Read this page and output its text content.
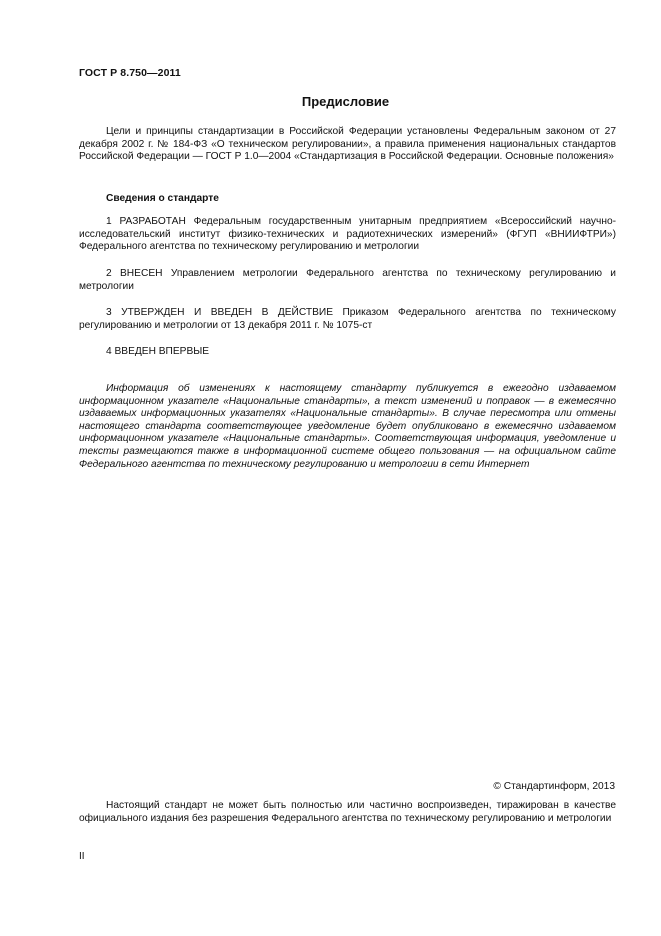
ГОСТ Р 8.750—2011
Предисловие

Цели и принципы стандартизации в Российской Федерации установлены Федеральным законом от 27 декабря 2002 г. № 184-ФЗ «О техническом регулировании», а правила применения национальных стандартов Российской Федерации — ГОСТ Р 1.0—2004 «Стандартизация в Российской Федерации. Основные положения»

Сведения о стандарте

1 РАЗРАБОТАН Федеральным государственным унитарным предприятием «Всероссийский научно-исследовательский институт физико-технических и радиотехнических измерений» (ФГУП «ВНИИФТРИ») Федерального агентства по техническому регулированию и метрологии

2 ВНЕСЕН Управлением метрологии Федерального агентства по техническому регулированию и метрологии

3 УТВЕРЖДЕН И ВВЕДЕН В ДЕЙСТВИЕ Приказом Федерального агентства по техническому регулированию и метрологии от 13 декабря 2011 г. № 1075-ст

4 ВВЕДЕН ВПЕРВЫЕ

Информация об изменениях к настоящему стандарту публикуется в ежегодно издаваемом информационном указателе «Национальные стандарты», а текст изменений и поправок — в ежемесячно издаваемых информационных указателях «Национальные стандарты». В случае пересмотра или отмены настоящего стандарта соответствующее уведомление будет опубликовано в ежемесячно издаваемом информационном указателе «Национальные стандарты». Соответствующая информация, уведомление и тексты размещаются также в информационной системе общего пользования — на официальном сайте Федерального агентства по техническому регулированию и метрологии в сети Интернет

© Стандартинформ, 2013

Настоящий стандарт не может быть полностью или частично воспроизведен, тиражирован в качестве официального издания без разрешения Федерального агентства по техническому регулированию и метрологии

II
